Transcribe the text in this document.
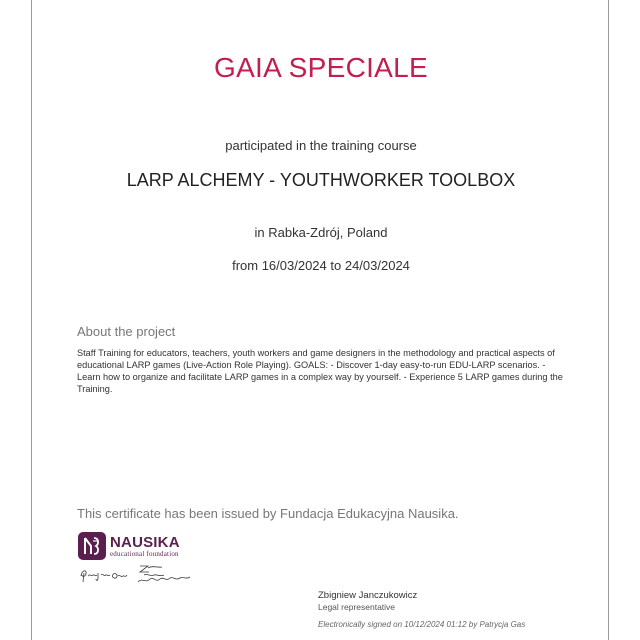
GAIA SPECIALE
participated in the training course
LARP ALCHEMY - YOUTHWORKER TOOLBOX
in Rabka-Zdrój, Poland
from 16/03/2024 to 24/03/2024
About the project
Staff Training for educators, teachers, youth workers and game designers in the methodology and practical aspects of educational LARP games (Live-Action Role Playing). GOALS: - Discover 1-day easy-to-run EDU-LARP scenarios. - Learn how to organize and facilitate LARP games in a complex way by yourself. - Experience 5 LARP games during the Training.
This certificate has been issued by Fundacja Edukacyjna Nausika.
NAUSIKA
educational foundation
Zbigniew Janczukowicz
Legal representative
Electronically signed on 10/12/2024 01:12 by Patrycja Gas
